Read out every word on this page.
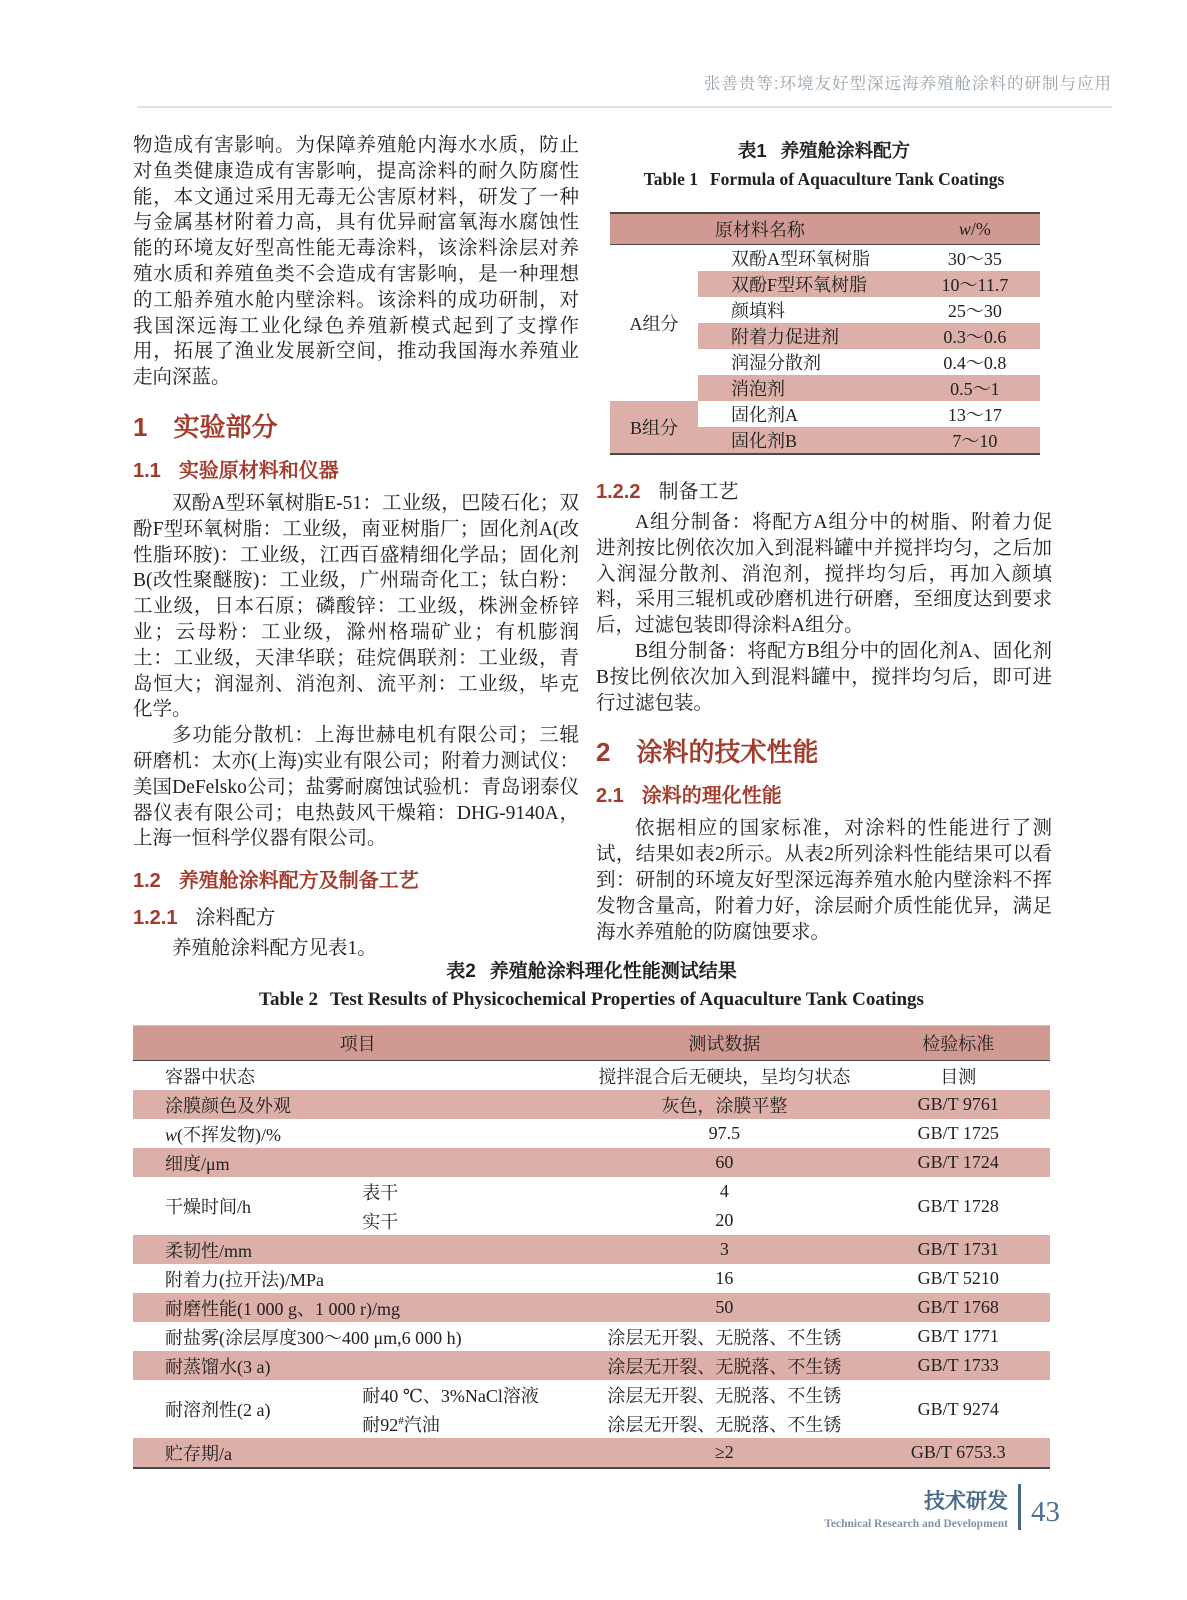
张善贵等:环境友好型深远海养殖舱涂料的研制与应用

物造成有害影响。为保障养殖舱内海水水质，防止对鱼类健康造成有害影响，提高涂料的耐久防腐性能，本文通过采用无毒无公害原材料，研发了一种与金属基材附着力高，具有优异耐富氧海水腐蚀性能的环境友好型高性能无毒涂料，该涂料涂层对养殖水质和养殖鱼类不会造成有害影响，是一种理想的工船养殖水舱内壁涂料。该涂料的成功研制，对我国深远海工业化绿色养殖新模式起到了支撑作用，拓展了渔业发展新空间，推动我国海水养殖业走向深蓝。

1 实验部分
1.1 实验原材料和仪器

双酚A型环氧树脂E-51：工业级，巴陵石化；双酚F型环氧树脂：工业级，南亚树脂厂；固化剂A(改性脂环胺)：工业级，江西百盛精细化学品；固化剂B(改性聚醚胺)：工业级，广州瑞奇化工；钛白粉：工业级，日本石原；磷酸锌：工业级，株洲金桥锌业；云母粉：工业级，滁州格瑞矿业；有机膨润土：工业级，天津华联；硅烷偶联剂：工业级，青岛恒大；润湿剂、消泡剂、流平剂：工业级，毕克化学。

多功能分散机：上海世赫电机有限公司；三辊研磨机：太亦(上海)实业有限公司；附着力测试仪：美国DeFelsko公司；盐雾耐腐蚀试验机：青岛诩泰仪器仪表有限公司；电热鼓风干燥箱：DHG-9140A，上海一恒科学仪器有限公司。

1.2 养殖舱涂料配方及制备工艺
1.2.1 涂料配方

养殖舱涂料配方见表1。

表1 养殖舱涂料配方
Table 1 Formula of Aquaculture Tank Coatings
原材料名称		w/%
A组分	双酚A型环氧树脂	30～35
	双酚F型环氧树脂	10～11.7
	颜填料	25～30
	附着力促进剂	0.3～0.6
	润湿分散剂	0.4～0.8
	消泡剂	0.5～1
B组分	固化剂A	13～17
	固化剂B	7～10
1.2.2 制备工艺

A组分制备：将配方A组分中的树脂、附着力促进剂按比例依次加入到混料罐中并搅拌均匀，之后加入润湿分散剂、消泡剂，搅拌均匀后，再加入颜填料，采用三辊机或砂磨机进行研磨，至细度达到要求后，过滤包装即得涂料A组分。

B组分制备：将配方B组分中的固化剂A、固化剂B按比例依次加入到混料罐中，搅拌均匀后，即可进行过滤包装。

2 涂料的技术性能
2.1 涂料的理化性能

依据相应的国家标准，对涂料的性能进行了测试，结果如表2所示。从表2所列涂料性能结果可以看到：研制的环境友好型深远海养殖水舱内壁涂料不挥发物含量高，附着力好，涂层耐介质性能优异，满足海水养殖舱的防腐蚀要求。

表2 养殖舱涂料理化性能测试结果
Table 2 Test Results of Physicochemical Properties of Aquaculture Tank Coatings
项目		测试数据	检验标准
容器中状态		搅拌混合后无硬块，呈均匀状态	目测
涂膜颜色及外观		灰色，涂膜平整	GB/T 9761
w(不挥发物)/%		97.5	GB/T 1725
细度/μm		60	GB/T 1724
干燥时间/h	表干	4	GB/T 1728
	实干	20	
柔韧性/mm		3	GB/T 1731
附着力(拉开法)/MPa		16	GB/T 5210
耐磨性能(1 000 g、1 000 r)/mg		50	GB/T 1768
耐盐雾(涂层厚度300～400 μm,6 000 h)		涂层无开裂、无脱落、不生锈	GB/T 1771
耐蒸馏水(3 a)		涂层无开裂、无脱落、不生锈	GB/T 1733
耐溶剂性(2 a)	耐40 ℃、3%NaCl溶液	涂层无开裂、无脱落、不生锈	GB/T 9274
	耐92#汽油	涂层无开裂、无脱落、不生锈	
贮存期/a		≥2	GB/T 6753.3
技术研发
Technical Research and Development 43
